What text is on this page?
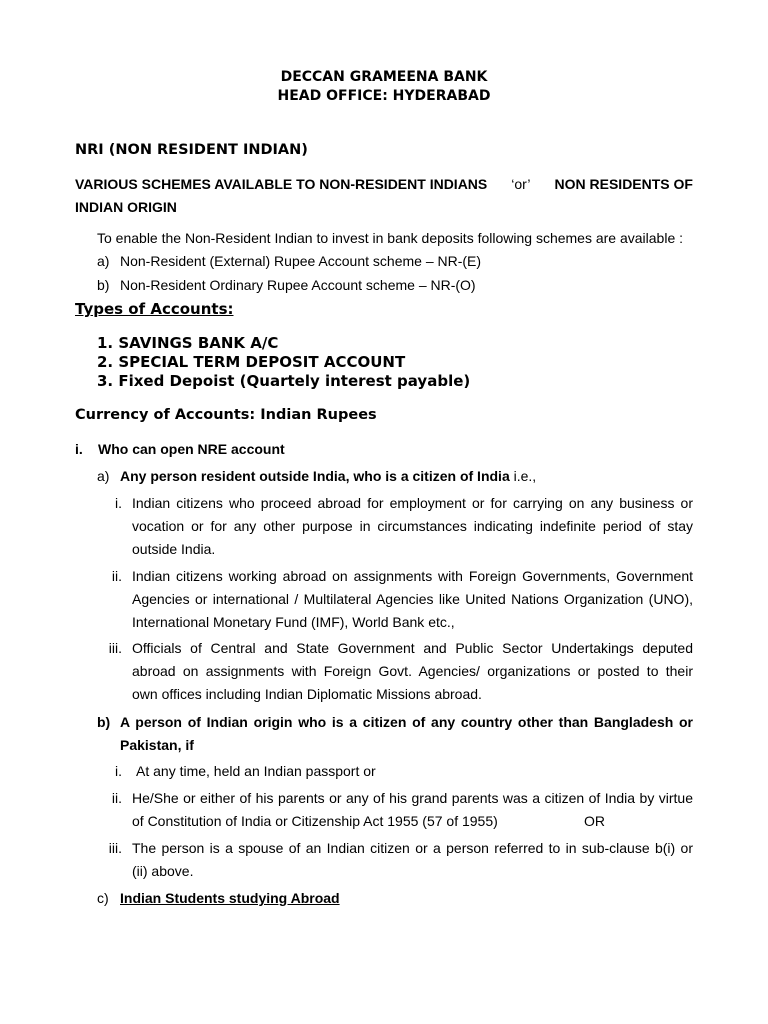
DECCAN GRAMEENA BANK
HEAD OFFICE: HYDERABAD
NRI (NON RESIDENT INDIAN)
VARIOUS SCHEMES AVAILABLE TO NON-RESIDENT INDIANS ‘or’ NON RESIDENTS OF
INDIAN ORIGIN
To enable the Non-Resident Indian to invest in bank deposits following schemes are available :
a) Non-Resident (External) Rupee Account scheme – NR-(E)
b) Non-Resident Ordinary Rupee Account scheme – NR-(O)
Types of Accounts:
1. SAVINGS BANK A/C
2. SPECIAL TERM DEPOSIT ACCOUNT
3. Fixed Depoist (Quartely interest payable)
Currency of Accounts: Indian Rupees
i. Who can open NRE account
a) Any person resident outside India, who is a citizen of India i.e.,
i. Indian citizens who proceed abroad for employment or for carrying on any business or
vocation or for any other purpose in circumstances indicating indefinite period of stay
outside India.
ii. Indian citizens working abroad on assignments with Foreign Governments, Government
Agencies or international / Multilateral Agencies like United Nations Organization (UNO),
International Monetary Fund (IMF), World Bank etc.,
iii. Officials of Central and State Government and Public Sector Undertakings deputed
abroad on assignments with Foreign Govt. Agencies/ organizations or posted to their
own offices including Indian Diplomatic Missions abroad.
b) A person of Indian origin who is a citizen of any country other than Bangladesh or
Pakistan, if
i. At any time, held an Indian passport or
ii. He/She or either of his parents or any of his grand parents was a citizen of India by virtue
of Constitution of India or Citizenship Act 1955 (57 of 1955)	OR
iii. The person is a spouse of an Indian citizen or a person referred to in sub-clause b(i) or
(ii) above.
c) Indian Students studying Abroad
